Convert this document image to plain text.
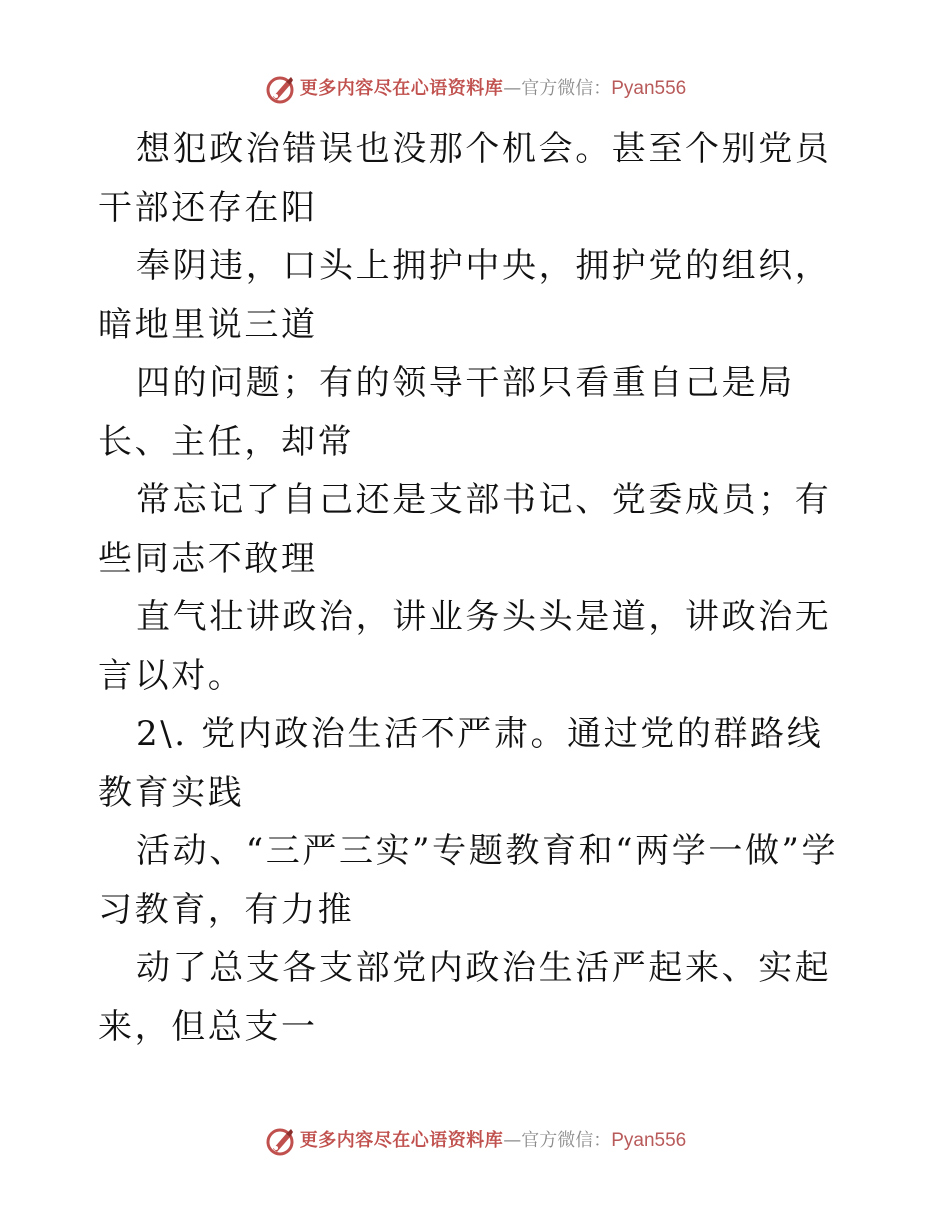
更多内容尽在心语资料库 — 官方微信： Pyan556

想犯政治错误也没那个机会。甚至个别党员干部还存在阳

奉阴违，口头上拥护中央，拥护党的组织，暗地里说三道

四的问题；有的领导干部只看重自己是局长、主任，却常

常忘记了自己还是支部书记、党委成员；有些同志不敢理

直气壮讲政治，讲业务头头是道，讲政治无言以对。

2\. 党内政治生活不严肃。通过党的群路线教育实践

活动、“三严三实”专题教育和“两学一做”学习教育，有力推

动了总支各支部党内政治生活严起来、实起来，但总支一

更多内容尽在心语资料库 — 官方微信： Pyan556
